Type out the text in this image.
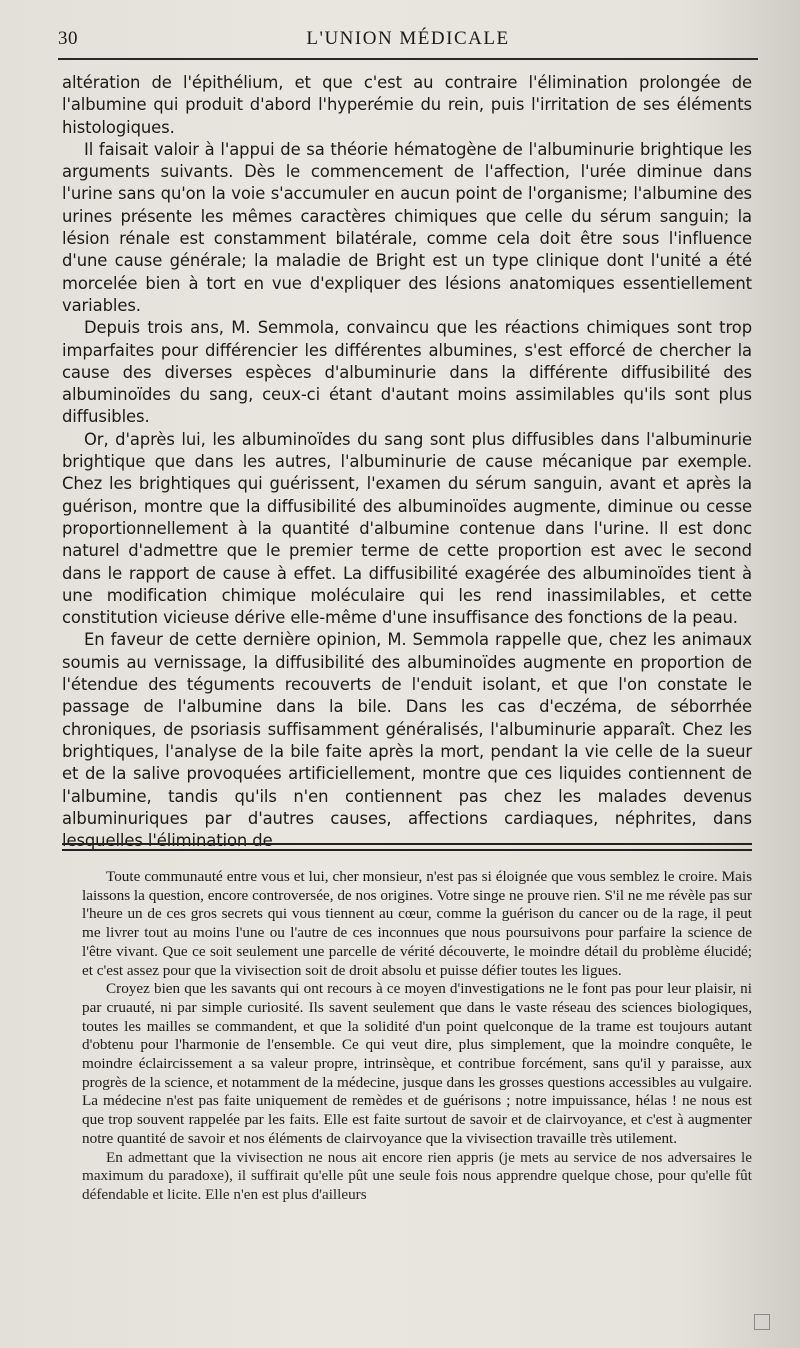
30	L'UNION MÉDICALE

altération de l'épithélium, et que c'est au contraire l'élimination prolongée de l'albumine qui produit d'abord l'hyperémie du rein, puis l'irritation de ses éléments histologiques.

Il faisait valoir à l'appui de sa théorie hématogène de l'albuminurie brightique les arguments suivants. Dès le commencement de l'affection, l'urée diminue dans l'urine sans qu'on la voie s'accumuler en aucun point de l'organisme; l'albumine des urines présente les mêmes caractères chimiques que celle du sérum sanguin; la lésion rénale est constamment bilatérale, comme cela doit être sous l'influence d'une cause générale; la maladie de Bright est un type clinique dont l'unité a été morcelée bien à tort en vue d'expliquer des lésions anatomiques essentiellement variables.

Depuis trois ans, M. Semmola, convaincu que les réactions chimiques sont trop imparfaites pour différencier les différentes albumines, s'est efforcé de chercher la cause des diverses espèces d'albuminurie dans la différente diffusibilité des albuminoïdes du sang, ceux-ci étant d'autant moins assimilables qu'ils sont plus diffusibles.

Or, d'après lui, les albuminoïdes du sang sont plus diffusibles dans l'albuminurie brightique que dans les autres, l'albuminurie de cause mécanique par exemple. Chez les brightiques qui guérissent, l'examen du sérum sanguin, avant et après la guérison, montre que la diffusibilité des albuminoïdes augmente, diminue ou cesse proportionnellement à la quantité d'albumine contenue dans l'urine. Il est donc naturel d'admettre que le premier terme de cette proportion est avec le second dans le rapport de cause à effet. La diffusibilité exagérée des albuminoïdes tient à une modification chimique moléculaire qui les rend inassimilables, et cette constitution vicieuse dérive elle-même d'une insuffisance des fonctions de la peau.

En faveur de cette dernière opinion, M. Semmola rappelle que, chez les animaux soumis au vernissage, la diffusibilité des albuminoïdes augmente en proportion de l'étendue des téguments recouverts de l'enduit isolant, et que l'on constate le passage de l'albumine dans la bile. Dans les cas d'eczéma, de séborrhée chroniques, de psoriasis suffisamment généralisés, l'albuminurie apparaît. Chez les brightiques, l'analyse de la bile faite après la mort, pendant la vie celle de la sueur et de la salive provoquées artificiellement, montre que ces liquides contiennent de l'albumine, tandis qu'ils n'en contiennent pas chez les malades devenus albuminuriques par d'autres causes, affections cardiaques, néphrites, dans lesquelles l'élimination de

Toute communauté entre vous et lui, cher monsieur, n'est pas si éloignée que vous semblez le croire. Mais laissons la question, encore controversée, de nos origines. Votre singe ne prouve rien. S'il ne me révèle pas sur l'heure un de ces gros secrets qui vous tiennent au cœur, comme la guérison du cancer ou de la rage, il peut me livrer tout au moins l'une ou l'autre de ces inconnues que nous poursuivons pour parfaire la science de l'être vivant. Que ce soit seulement une parcelle de vérité découverte, le moindre détail du problème élucidé; et c'est assez pour que la vivisection soit de droit absolu et puisse défier toutes les ligues.

Croyez bien que les savants qui ont recours à ce moyen d'investigations ne le font pas pour leur plaisir, ni par cruauté, ni par simple curiosité. Ils savent seulement que dans le vaste réseau des sciences biologiques, toutes les mailles se commandent, et que la solidité d'un point quelconque de la trame est toujours autant d'obtenu pour l'harmonie de l'ensemble. Ce qui veut dire, plus simplement, que la moindre conquête, le moindre éclaircissement a sa valeur propre, intrinsèque, et contribue forcément, sans qu'il y paraisse, aux progrès de la science, et notamment de la médecine, jusque dans les grosses questions accessibles au vulgaire. La médecine n'est pas faite uniquement de remèdes et de guérisons ; notre impuissance, hélas ! ne nous est que trop souvent rappelée par les faits. Elle est faite surtout de savoir et de clairvoyance, et c'est à augmenter notre quantité de savoir et nos éléments de clairvoyance que la vivisection travaille très utilement.

En admettant que la vivisection ne nous ait encore rien appris (je mets au service de nos adversaires le maximum du paradoxe), il suffirait qu'elle pût une seule fois nous apprendre quelque chose, pour qu'elle fût défendable et licite. Elle n'en est plus d'ailleurs
